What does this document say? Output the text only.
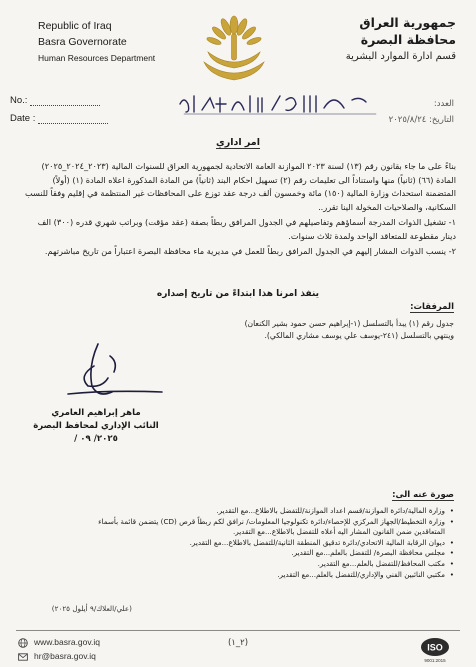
Republic of Iraq
Basra Governorate
Human Resources Department
جمهورية العراق
محافظة البصرة
قسم ادارة الموارد البشرية
No.:
Date :
العدد:
التاريخ: ٢٠٢٥/٨/٢٤
امر اداري

بناءً على ما جاء بقانون رقم (١٣) لسنة ٢٠٢٣ الموازنة العامة الاتحادية لجمهورية العراق للسنوات المالية (٢٠٢٣_٢٠٢٤_٢٠٢٥) المادة (٦٦) (ثانياً) منها واستناداً الى تعليمات رقم (٢) تسهيل احكام البند (ثانياً) من المادة المذكورة اعلاه المادة (١) (أولاً) المتضمنة استحداث وزارة المالية (١٥٠) مائة وخمسون ألف درجة عقد توزع على المحافظات غير المنتظمة في إقليم وفقاً للنسب السكانية، والصلاحيات المخولة الينا تقرر..

١- تشغيل الذوات المدرجة أسماؤهم وتفاصيلهم في الجدول المرافق ربطاً بصفة (عقد مؤقت) وبراتب شهري قدره (٣٠٠) الف دينار مقطوعة للمتعاقد الواحد ولمدة ثلاث سنوات.

٢- ينسب الذوات المشار إليهم في الجدول المرافق ربطاً للعمل في مديرية ماء محافظة البصرة اعتباراً من تاريخ مباشرتهم.

ينفذ امرنا هذا ابتداءً من تاريخ إصداره
المرفقات:
جدول رقم (١) يبدأ بالتسلسل (١-إبراهيم حسن حمود بشير الكنعان)
وينتهي بالتسلسل (٢٤١-يوسف علي يوسف مشاري المالكي).
ماهر إبراهيم العامري
النائب الإداري لمحافظ البصرة
٢٠٢٥/ ٠٩ /
صورة عنه الى:
• وزارة المالية/دائرة الموازنة/قسم اعداد الموازنة/للتفضل بالاطلاع...مع التقدير.
• وزارة التخطيط/الجهاز المركزي للإحصاء/دائرة تكنولوجيا المعلومات/ نرافق لكم ربطاً قرص (CD) يتضمن قائمة بأسماء المتعاقدين ضمن القانون المشار اليه أعلاه للتفضل بالاطلاع...مع التقدير.
• ديوان الرقابة المالية الاتحادي/دائرة تدقيق المنطقة الثانية/للتفضل بالاطلاع...مع التقدير.
• مجلس محافظة البصرة/ للتفضل بالعلم...مع التقدير.
• مكتب المحافظ/للتفضل بالعلم...مع التقدير.
• مكتبي النائبين الفني والإداري/للتفضل بالعلم...مع التقدير.
(علي/العلاك/٩ أيلول ٢٠٢٥)
www.basra.gov.iq
hr@basra.gov.iq
(٢_١)	ISO
9001:2015
